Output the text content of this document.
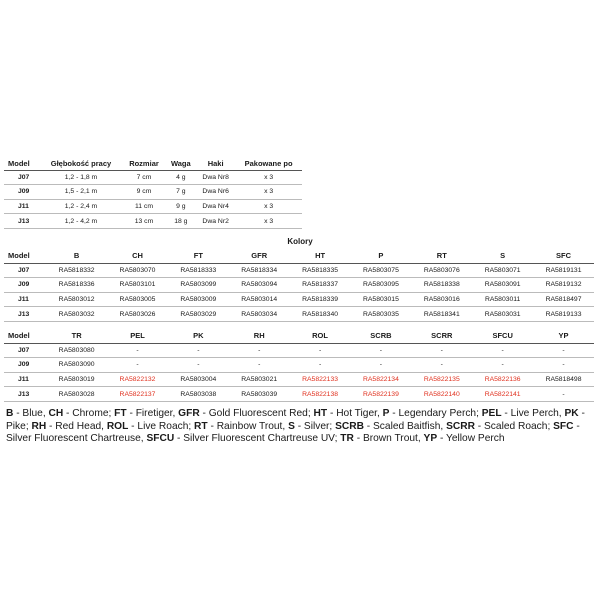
Model	Głębokość pracy	Rozmiar	Waga	Haki	Pakowane po
J07	1,2 - 1,8 m	7 cm	4 g	Dwa Nr8	x 3
J09	1,5 - 2,1 m	9 cm	7 g	Dwa Nr6	x 3
J11	1,2 - 2,4 m	11 cm	9 g	Dwa Nr4	x 3
J13	1,2 - 4,2 m	13 cm	18 g	Dwa Nr2	x 3
Kolory
Model	B	CH	FT	GFR	HT	P	RT	S	SFC
J07	RA5818332	RA5803070	RA5818333	RA5818334	RA5818335	RA5803075	RA5803076	RA5803071	RA5819131
J09	RA5818336	RA5803101	RA5803099	RA5803094	RA5818337	RA5803095	RA5818338	RA5803091	RA5819132
J11	RA5803012	RA5803005	RA5803009	RA5803014	RA5818339	RA5803015	RA5803016	RA5803011	RA5818497
J13	RA5803032	RA5803026	RA5803029	RA5803034	RA5818340	RA5803035	RA5818341	RA5803031	RA5819133
Model	TR	PEL	PK	RH	ROL	SCRB	SCRR	SFCU	YP
J07	RA5803080	-	-	-	-	-	-	-	-
J09	RA5803090	-	-	-	-	-	-	-	-
J11	RA5803019	RA5822132	RA5803004	RA5803021	RA5822133	RA5822134	RA5822135	RA5822136	RA5818498
J13	RA5803028	RA5822137	RA5803038	RA5803039	RA5822138	RA5822139	RA5822140	RA5822141	-
B - Blue, CH - Chrome; FT - Firetiger, GFR - Gold Fluorescent Red; HT - Hot Tiger, P - Legendary Perch; PEL - Live Perch, PK - Pike; RH - Red Head, ROL - Live Roach; RT - Rainbow Trout, S - Silver; SCRB - Scaled Baitfish, SCRR - Scaled Roach; SFC - Silver Fluorescent Chartreuse, SFCU - Silver Fluorescent Chartreuse UV; TR - Brown Trout, YP - Yellow Perch
